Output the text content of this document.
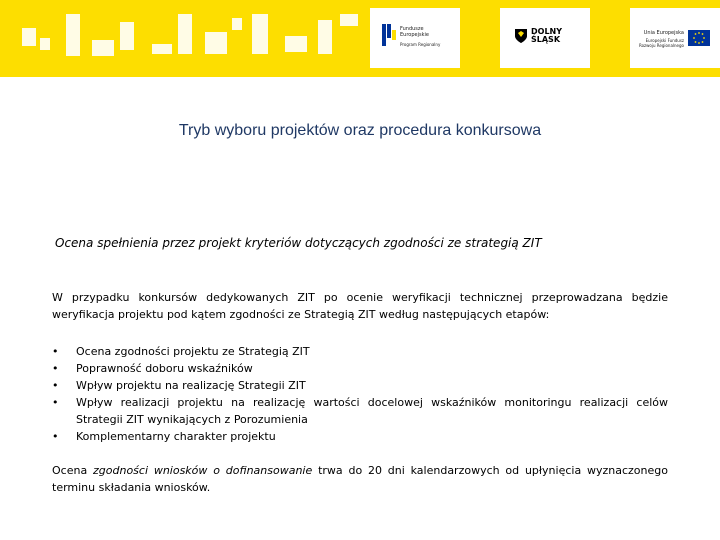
Fundusze
Europejskie
Program Regionalny
DOLNY
ŚLĄSK
Unia Europejska
Europejski Fundusz Rozwoju Regionalnego
Tryb wyboru projektów oraz procedura konkursowa
Ocena spełnienia przez projekt kryteriów dotyczących zgodności ze strategią ZIT

W przypadku konkursów dedykowanych ZIT po ocenie weryfikacji technicznej przeprowadzana będzie weryfikacja projektu pod kątem zgodności ze Strategią ZIT według następujących etapów:

• Ocena zgodności projektu ze Strategią ZIT
• Poprawność doboru wskaźników
• Wpływ projektu na realizację Strategii ZIT
• Wpływ realizacji projektu na realizację wartości docelowej wskaźników monitoringu realizacji celów Strategii ZIT wynikających z Porozumienia
• Komplementarny charakter projektu

Ocena zgodności wniosków o dofinansowanie trwa do 20 dni kalendarzowych od upłynięcia wyznaczonego terminu składania wniosków.
